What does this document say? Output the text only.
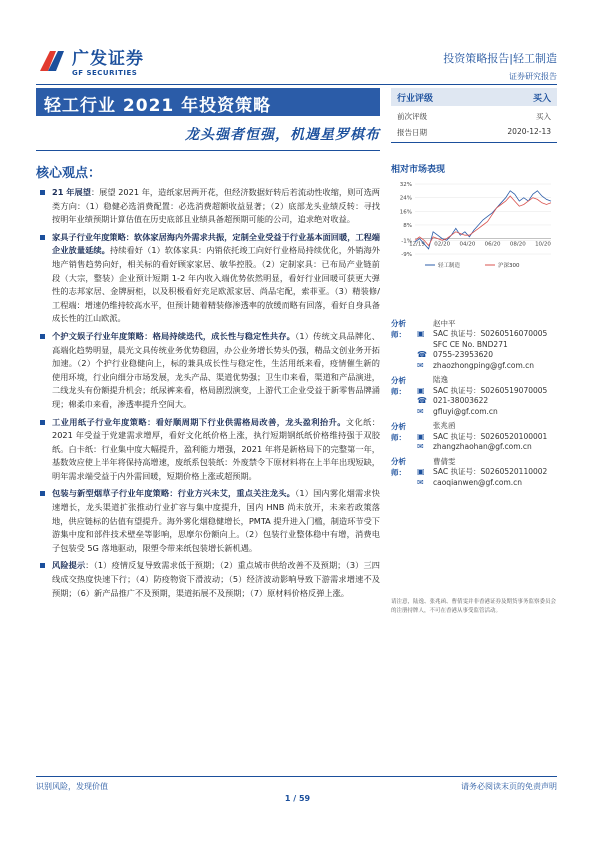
广发证券
GF SECURITIES
投资策略报告|轻工制造
证券研究报告
轻工行业 2021 年投资策略
龙头强者恒强，机遇星罗棋布
行业评级	买入
前次评级	买入
报告日期	2020-12-13
核心观点：

21 年展望：展望 2021 年，造纸家居两开花，但经济数据好转后若流动性收缩，则可选两类方向：（1）稳健必选消费配置：必选消费超额收益显著；（2）底部龙头业绩反转：寻找按明年业绩预期计算估值在历史底部且业绩具备超预期可能的公司，追求绝对收益。

家具子行业年度策略：软体家居海内外需求共振，定制全业受益于行业基本面回暖，工程端企业放量延续。持续看好（1）软体家具：内销依托竣工向好行业格局持续优化，外销海外地产销售趋势向好，相关标的看好顾家家居、敏华控股。（2）定制家具：已布局产业链前段（大宗，整装）企业预计短期 1-2 年内收入端优势依然明显，看好行业回暖可获更大弹性的志邦家居、金牌厨柜，以及积极看好充足欧派家居、尚品宅配，索菲亚。（3）精装修/工程端：增速仍维持较高水平，但预计随着精装修渗透率的放缓而略有回落，看好自身具备成长性的江山欧派。

个护文娱子行业年度策略：格局持续迭代，成长性与稳定性共存。（1）传统文具品牌化、高端化趋势明显，晨光文具传统业务优势稳固，办公业务增长势头仍强，精品文创业务开拓加速。（2）个护行业稳健向上，标的兼具成长性与稳定性，生活用纸来看，疫情催生新的使用环境，行业向细分市场发展，龙头产品、渠道优势强；卫生巾来看，渠道和产品演进，二线龙头有份额提升机会；纸尿裤来看，格局剧烈演变，上游代工企业受益于新零售品牌涌现；棉柔巾来看，渗透率提升空间大。

工业用纸子行业年度策略：看好顺周期下行业供需格局改善，龙头盈利抬升。文化纸：2021 年受益于党建需求增厚，看好文化纸价格上涨，执行短期钢纸纸价格维持强于双胶纸。白卡纸：行业集中度大幅提升，盈利能力增强，2021 年将是新格局下的完整第一年，基数效应使上半年将保持高增速，废纸系包装纸：外废禁令下原材料将在上半年出现短缺，明年需求端受益于内外需回暖，短期价格上涨或超预期。

包装与新型烟草子行业年度策略：行业方兴未艾，重点关注龙头。（1）国内雾化烟需求快速增长，龙头渠道扩张推动行业扩容与集中度提升，国内 HNB 尚未放开，未来若政策落地，供应链标的估值有望提升。海外雾化烟稳健增长，PMTA 提升进入门槛，制造环节受下游集中度和部件技术壁垒等影响，思摩尔份额向上。（2）包装行业整体稳中有增，消费电子包装受 5G 落地驱动，限塑令带来纸包装增长新机遇。

风险提示：（1）疫情反复导致需求低于预期；（2）重点城市供给改善不及预期；（3）三四线成交热度快速下行；（4）防疫物资下滑波动；（5）经济波动影响导致下游需求增速不及预期；（6）新产品推广不及预期，渠道拓展不及预期；（7）原材料价格反弹上涨。

相对市场表现
32%
24%
16%
8%
-1%
-9%
12/19 02/20 04/20 06/20 08/20 10/20
轻工制造	沪深300
分析师：
赵中平
▣	SAC 执证号：S0260516070005
SFC CE No. BND271
☎ 0755-23953620
✉	zhaozhongping@gf.com.cn
分析师：
陆逸
▣	SAC 执证号：S0260519070005
☎ 021-38003622
✉	gfluyi@gf.com.cn
分析师：
张兆函
▣	SAC 执证号：S0260520100001
✉	zhangzhaohan@gf.com.cn
分析师：
曹倩雯
▣	SAC 执证号：S0260520110002
✉	caoqianwen@gf.com.cn
请注意，陆逸、张兆函、曹倩雯并非香港证券及期货事务监察委员会的注册持牌人，不可在香港从事受监管活动。
识别风险，发现价值	请务必阅读末页的免责声明
1 / 59
